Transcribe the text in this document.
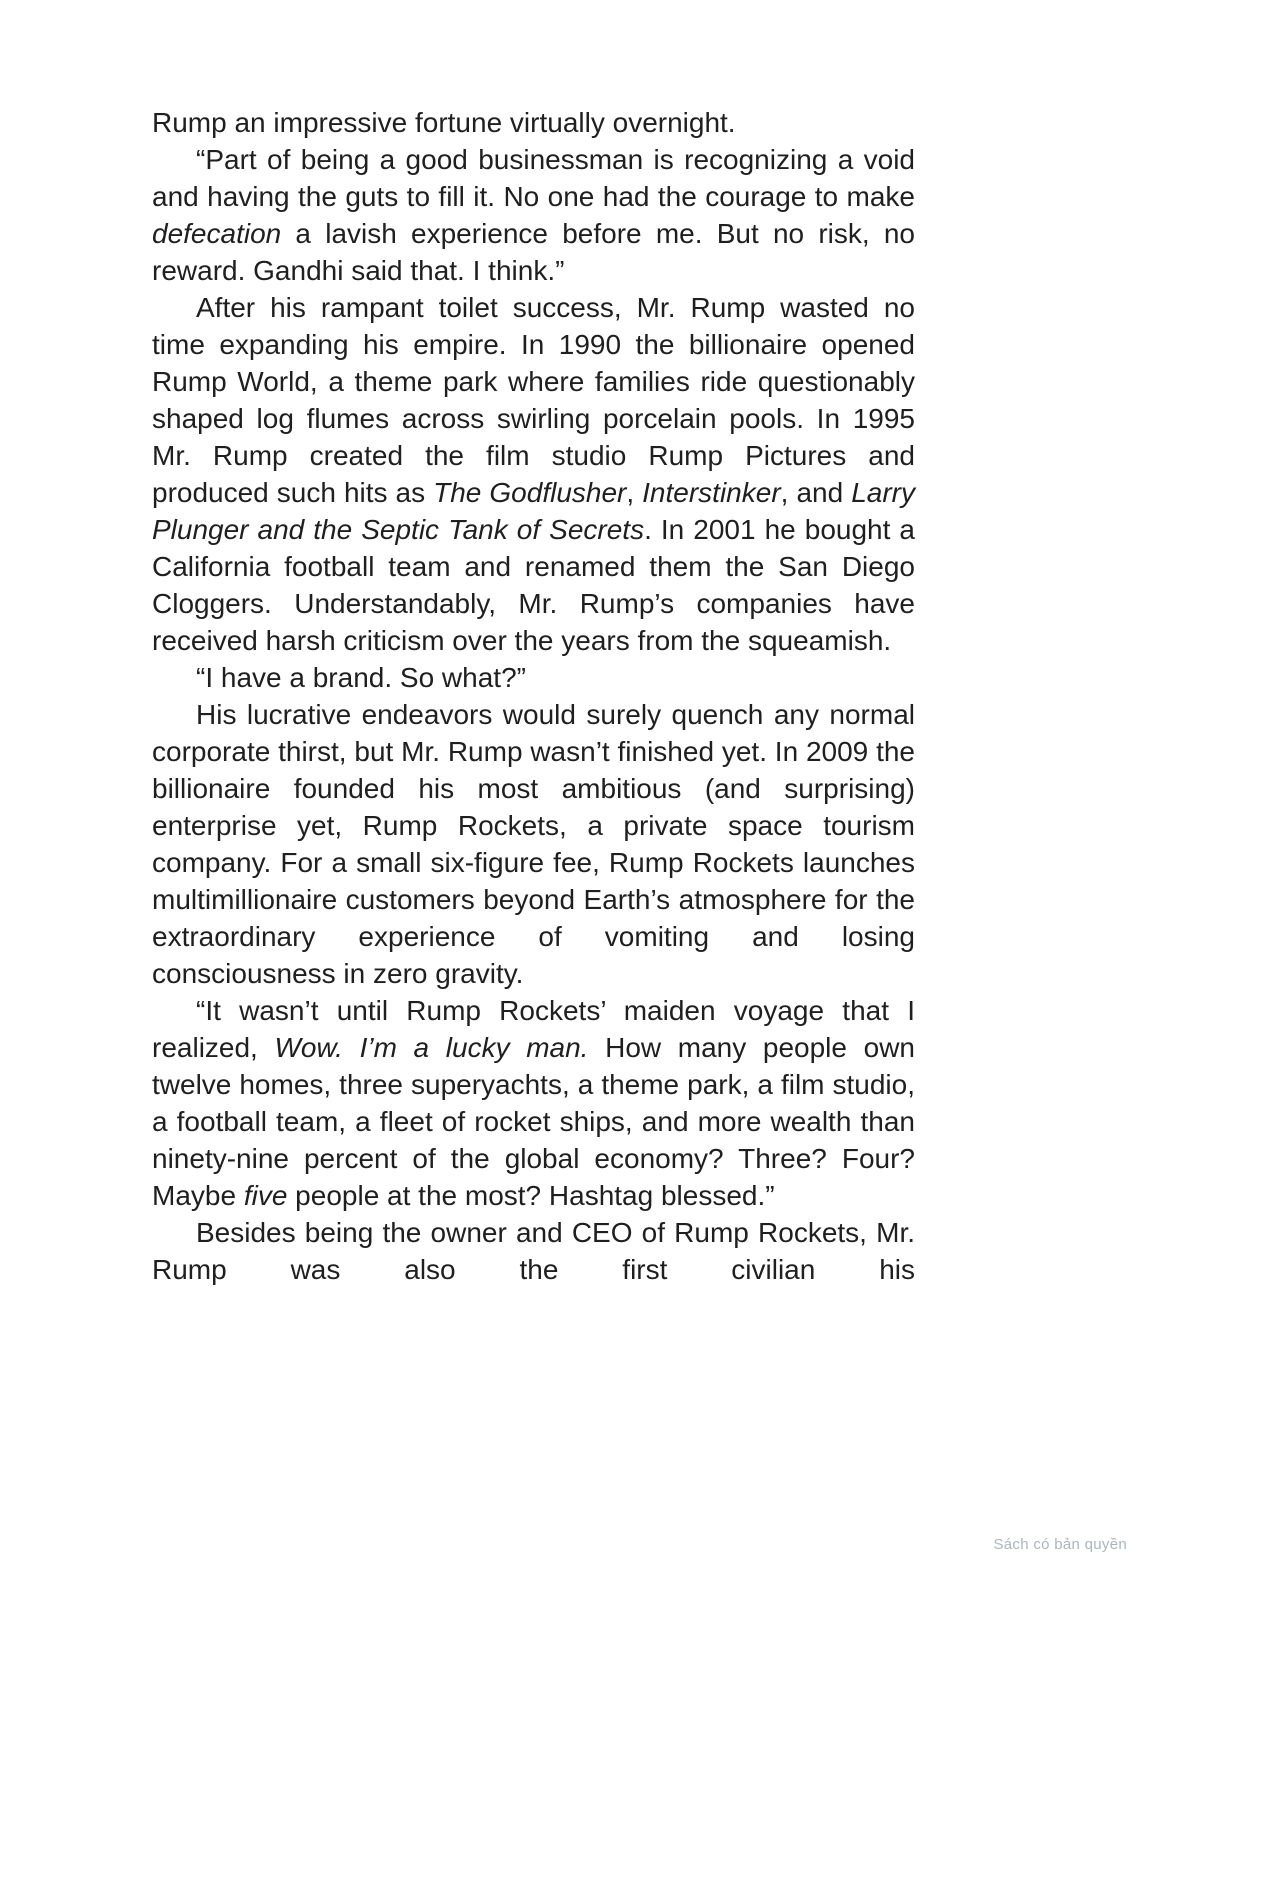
Rump an impressive fortune virtually overnight.

“Part of being a good businessman is recognizing a void and having the guts to fill it. No one had the courage to make defecation a lavish experience before me. But no risk, no reward. Gandhi said that. I think.”

After his rampant toilet success, Mr. Rump wasted no time expanding his empire. In 1990 the billionaire opened Rump World, a theme park where families ride questionably shaped log flumes across swirling porcelain pools. In 1995 Mr. Rump created the film studio Rump Pictures and produced such hits as The Godflusher, Interstinker, and Larry Plunger and the Septic Tank of Secrets. In 2001 he bought a California football team and renamed them the San Diego Cloggers. Understandably, Mr. Rump’s companies have received harsh criticism over the years from the squeamish.

“I have a brand. So what?”

His lucrative endeavors would surely quench any normal corporate thirst, but Mr. Rump wasn’t finished yet. In 2009 the billionaire founded his most ambitious (and surprising) enterprise yet, Rump Rockets, a private space tourism company. For a small six-figure fee, Rump Rockets launches multimillionaire customers beyond Earth’s atmosphere for the extraordinary experience of vomiting and losing consciousness in zero gravity.

“It wasn’t until Rump Rockets’ maiden voyage that I realized, Wow. I’m a lucky man. How many people own twelve homes, three superyachts, a theme park, a film studio, a football team, a fleet of rocket ships, and more wealth than ninety-nine percent of the global economy? Three? Four? Maybe five people at the most? Hashtag blessed.”

Besides being the owner and CEO of Rump Rockets, Mr. Rump was also the first civilian his

Sách có bản quyền
